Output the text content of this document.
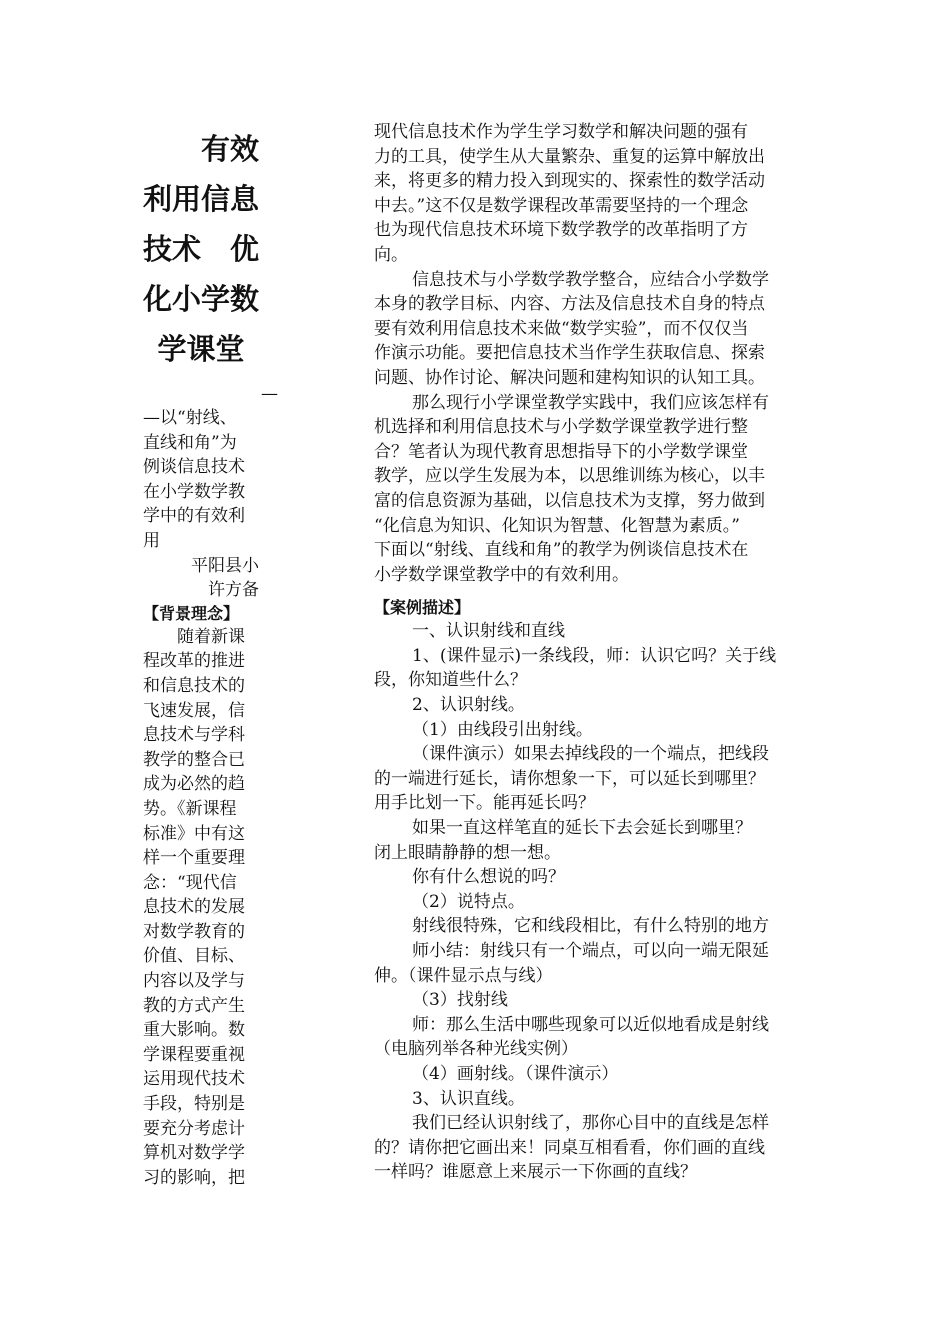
有效
利用信息
技术　优
化小学数
学课堂
—
—以“射线、
直线和角”为
例谈信息技术
在小学数学教
学中的有效利
用
平阳县小
许方备
【背景理念】
　　随着新课
程改革的推进
和信息技术的
飞速发展，信
息技术与学科
教学的整合已
成为必然的趋
势。《新课程
标准》中有这
样一个重要理
念：“现代信
息技术的发展
对数学教育的
价值、目标、
内容以及学与
教的方式产生
重大影响。数
学课程要重视
运用现代技术
手段，特别是
要充分考虑计
算机对数学学
习的影响，把
现代信息技术作为学生学习数学和解决问题的强有
力的工具，使学生从大量繁杂、重复的运算中解放出
来，将更多的精力投入到现实的、探索性的数学活动
中去。”这不仅是数学课程改革需要坚持的一个理念
也为现代信息技术环境下数学教学的改革指明了方
向。
信息技术与小学数学教学整合，应结合小学数学
本身的教学目标、内容、方法及信息技术自身的特点
要有效利用信息技术来做“数学实验”，而不仅仅当
作演示功能。要把信息技术当作学生获取信息、探索
问题、协作讨论、解决问题和建构知识的认知工具。
那么现行小学课堂教学实践中，我们应该怎样有
机选择和利用信息技术与小学数学课堂教学进行整
合？笔者认为现代教育思想指导下的小学数学课堂
教学，应以学生发展为本，以思维训练为核心，以丰
富的信息资源为基础，以信息技术为支撑，努力做到
“化信息为知识、化知识为智慧、化智慧为素质。”
下面以“射线、直线和角”的教学为例谈信息技术在
小学数学课堂教学中的有效利用。
【案例描述】
一、认识射线和直线
1、(课件显示)一条线段，师：认识它吗？关于线
段，你知道些什么？
2、认识射线。
（1）由线段引出射线。
（课件演示）如果去掉线段的一个端点，把线段
的一端进行延长，请你想象一下，可以延长到哪里？
用手比划一下。能再延长吗？
如果一直这样笔直的延长下去会延长到哪里？
闭上眼睛静静的想一想。
你有什么想说的吗？
（2）说特点。
射线很特殊，它和线段相比，有什么特别的地方
师小结：射线只有一个端点，可以向一端无限延
伸。（课件显示点与线）
（3）找射线
师：那么生活中哪些现象可以近似地看成是射线
（电脑列举各种光线实例）
（4）画射线。（课件演示）
3、认识直线。
我们已经认识射线了，那你心目中的直线是怎样
的？请你把它画出来！同桌互相看看，你们画的直线
一样吗？谁愿意上来展示一下你画的直线？
